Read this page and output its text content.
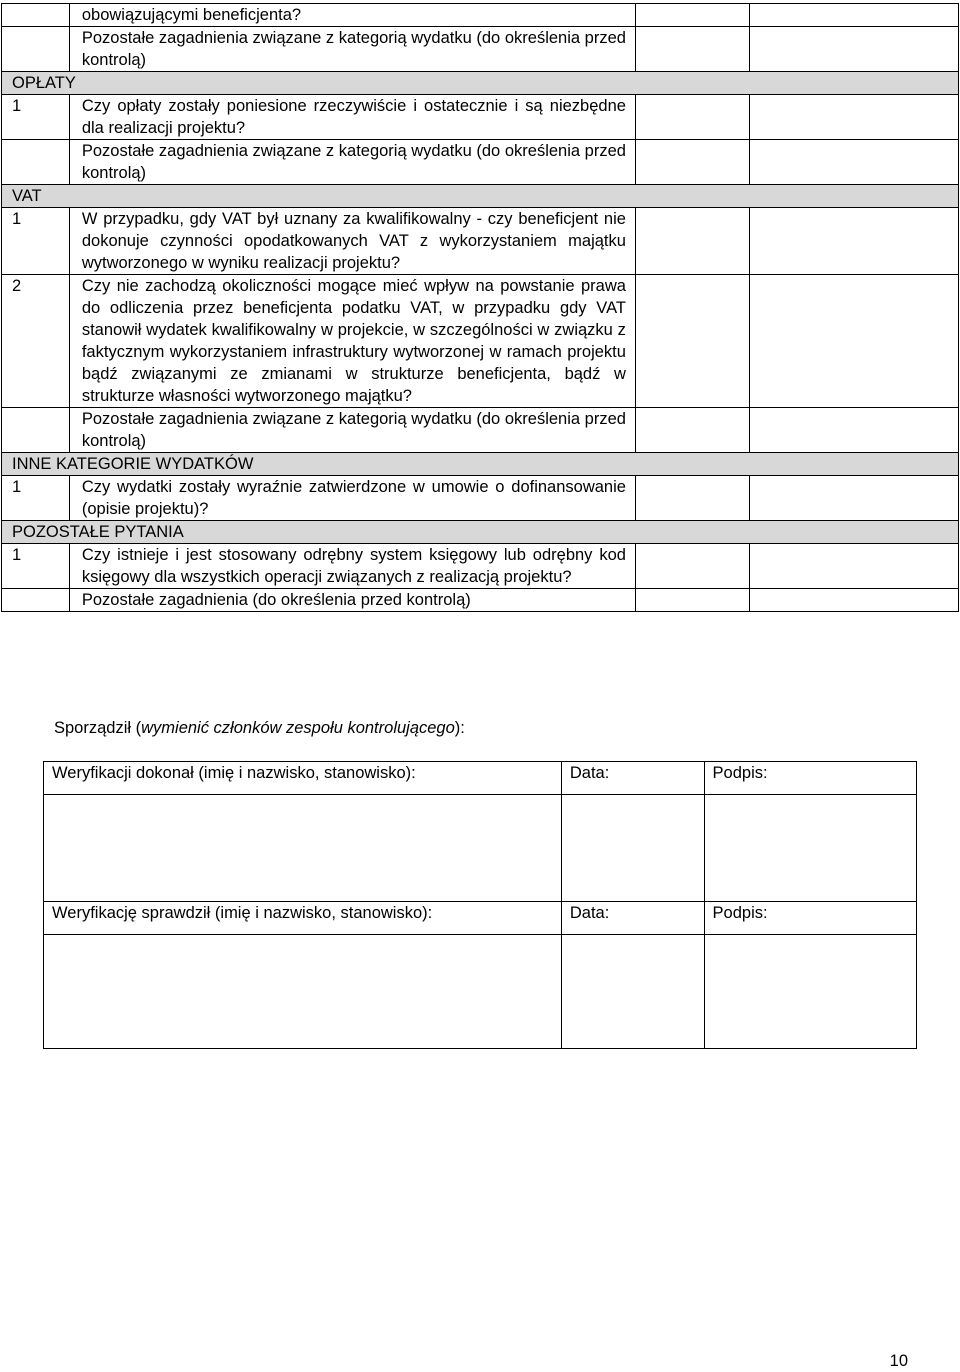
	obowiązującymi beneficjenta?		
	Pozostałe zagadnienia związane z kategorią wydatku (do określenia przed kontrolą)		
OPŁATY			
1	Czy opłaty zostały poniesione rzeczywiście i ostatecznie i są niezbędne dla realizacji projektu?		
	Pozostałe zagadnienia związane z kategorią wydatku (do określenia przed kontrolą)		
VAT			
1	W przypadku, gdy VAT był uznany za kwalifikowalny - czy beneficjent nie dokonuje czynności opodatkowanych VAT z wykorzystaniem majątku wytworzonego w wyniku realizacji projektu?		
2	Czy nie zachodzą okoliczności mogące mieć wpływ na powstanie prawa do odliczenia przez beneficjenta podatku VAT, w przypadku gdy VAT stanowił wydatek kwalifikowalny w projekcie, w szczególności w związku z faktycznym wykorzystaniem infrastruktury wytworzonej w ramach projektu bądź związanymi ze zmianami w strukturze beneficjenta, bądź w strukturze własności wytworzonego majątku?		
	Pozostałe zagadnienia związane z kategorią wydatku (do określenia przed kontrolą)		
INNE KATEGORIE WYDATKÓW			
1	Czy wydatki zostały wyraźnie zatwierdzone w umowie o dofinansowanie (opisie projektu)?		
POZOSTAŁE PYTANIA			
1	Czy istnieje i jest stosowany odrębny system księgowy lub odrębny kod księgowy dla wszystkich operacji związanych z realizacją projektu?		
	Pozostałe zagadnienia (do określenia przed kontrolą)		
Sporządził (wymienić członków zespołu kontrolującego):
Weryfikacji dokonał (imię i nazwisko, stanowisko):	Data:	Podpis:

Weryfikację sprawdził (imię i nazwisko, stanowisko):	Data:	Podpis:

10
